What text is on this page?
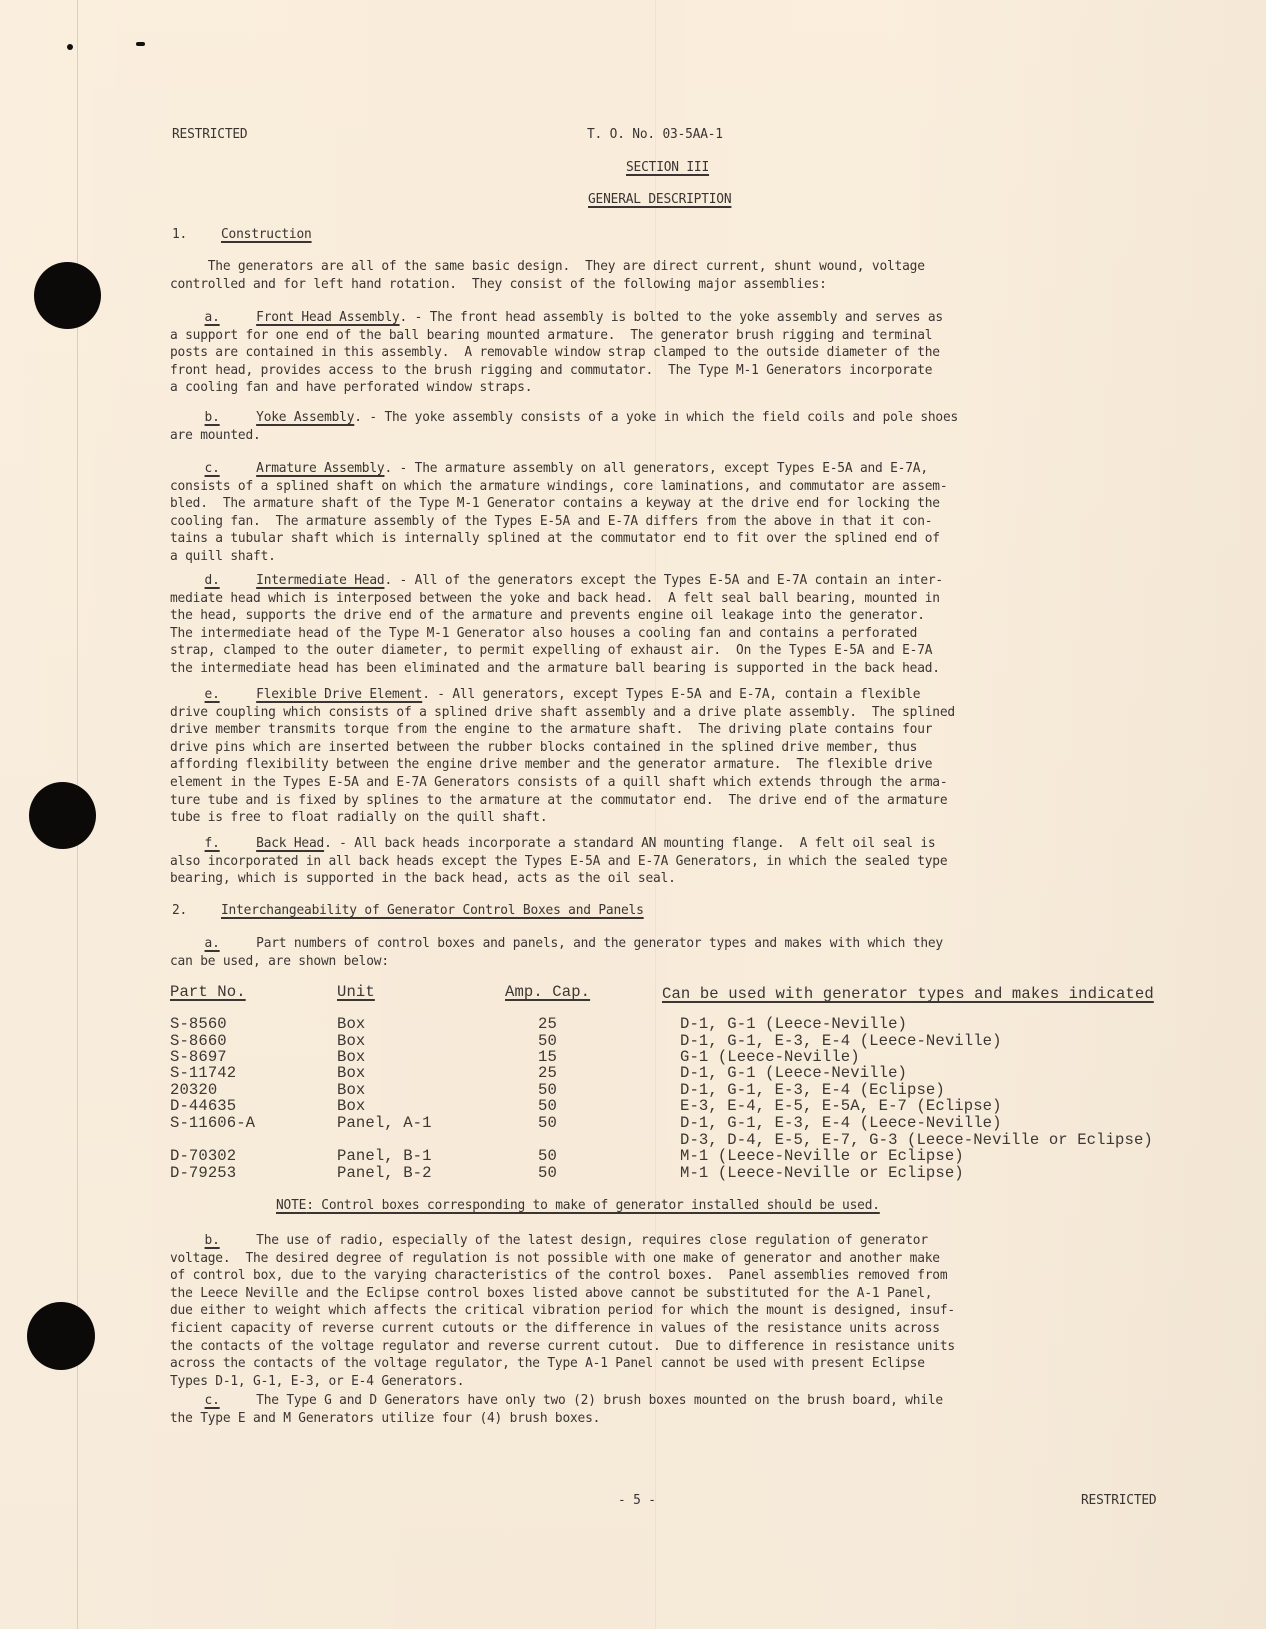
RESTRICTED	T. O. No. 03-5AA-1
SECTION III
GENERAL DESCRIPTION
1.	Construction
The generators are all of the same basic design.  They are direct current, shunt wound, voltage
controlled and for left hand rotation.  They consist of the following major assemblies:
a.	Front Head Assembly. - The front head assembly is bolted to the yoke assembly and serves as
a support for one end of the ball bearing mounted armature.  The generator brush rigging and terminal
posts are contained in this assembly.  A removable window strap clamped to the outside diameter of the
front head, provides access to the brush rigging and commutator.  The Type M-1 Generators incorporate
a cooling fan and have perforated window straps.
b.	Yoke Assembly. - The yoke assembly consists of a yoke in which the field coils and pole shoes
are mounted.
c.	Armature Assembly. - The armature assembly on all generators, except Types E-5A and E-7A,
consists of a splined shaft on which the armature windings, core laminations, and commutator are assem-
bled.  The armature shaft of the Type M-1 Generator contains a keyway at the drive end for locking the
cooling fan.  The armature assembly of the Types E-5A and E-7A differs from the above in that it con-
tains a tubular shaft which is internally splined at the commutator end to fit over the splined end of
a quill shaft.
d.	Intermediate Head. - All of the generators except the Types E-5A and E-7A contain an inter-
mediate head which is interposed between the yoke and back head.  A felt seal ball bearing, mounted in
the head, supports the drive end of the armature and prevents engine oil leakage into the generator.
The intermediate head of the Type M-1 Generator also houses a cooling fan and contains a perforated
strap, clamped to the outer diameter, to permit expelling of exhaust air.  On the Types E-5A and E-7A
the intermediate head has been eliminated and the armature ball bearing is supported in the back head.
e.	Flexible Drive Element. - All generators, except Types E-5A and E-7A, contain a flexible
drive coupling which consists of a splined drive shaft assembly and a drive plate assembly.  The splined
drive member transmits torque from the engine to the armature shaft.  The driving plate contains four
drive pins which are inserted between the rubber blocks contained in the splined drive member, thus
affording flexibility between the engine drive member and the generator armature.  The flexible drive
element in the Types E-5A and E-7A Generators consists of a quill shaft which extends through the arma-
ture tube and is fixed by splines to the armature at the commutator end.  The drive end of the armature
tube is free to float radially on the quill shaft.
f.	Back Head. - All back heads incorporate a standard AN mounting flange.  A felt oil seal is
also incorporated in all back heads except the Types E-5A and E-7A Generators, in which the sealed type
bearing, which is supported in the back head, acts as the oil seal.
2.	Interchangeability of Generator Control Boxes and Panels
a.	Part numbers of control boxes and panels, and the generator types and makes with which they
can be used, are shown below:
Part No.	Unit	Amp. Cap.	Can be used with generator types and makes indicated
S-8560	Box	25	D-1, G-1 (Leece-Neville)
S-8660	Box	50	D-1, G-1, E-3, E-4 (Leece-Neville)
S-8697	Box	15	G-1 (Leece-Neville)
S-11742	Box	25	D-1, G-1 (Leece-Neville)
20320	Box	50	D-1, G-1, E-3, E-4 (Eclipse)
D-44635	Box	50	E-3, E-4, E-5, E-5A, E-7 (Eclipse)
S-11606-A	Panel, A-1	50	D-1, G-1, E-3, E-4 (Leece-Neville)
D-3, D-4, E-5, E-7, G-3 (Leece-Neville or Eclipse)
D-70302	Panel, B-1	50	M-1 (Leece-Neville or Eclipse)
D-79253	Panel, B-2	50	M-1 (Leece-Neville or Eclipse)
NOTE: Control boxes corresponding to make of generator installed should be used.
b.	The use of radio, especially of the latest design, requires close regulation of generator
voltage.  The desired degree of regulation is not possible with one make of generator and another make
of control box, due to the varying characteristics of the control boxes.  Panel assemblies removed from
the Leece Neville and the Eclipse control boxes listed above cannot be substituted for the A-1 Panel,
due either to weight which affects the critical vibration period for which the mount is designed, insuf-
ficient capacity of reverse current cutouts or the difference in values of the resistance units across
the contacts of the voltage regulator and reverse current cutout.  Due to difference in resistance units
across the contacts of the voltage regulator, the Type A-1 Panel cannot be used with present Eclipse
Types D-1, G-1, E-3, or E-4 Generators.
c.	The Type G and D Generators have only two (2) brush boxes mounted on the brush board, while
the Type E and M Generators utilize four (4) brush boxes.
- 5 -	RESTRICTED
